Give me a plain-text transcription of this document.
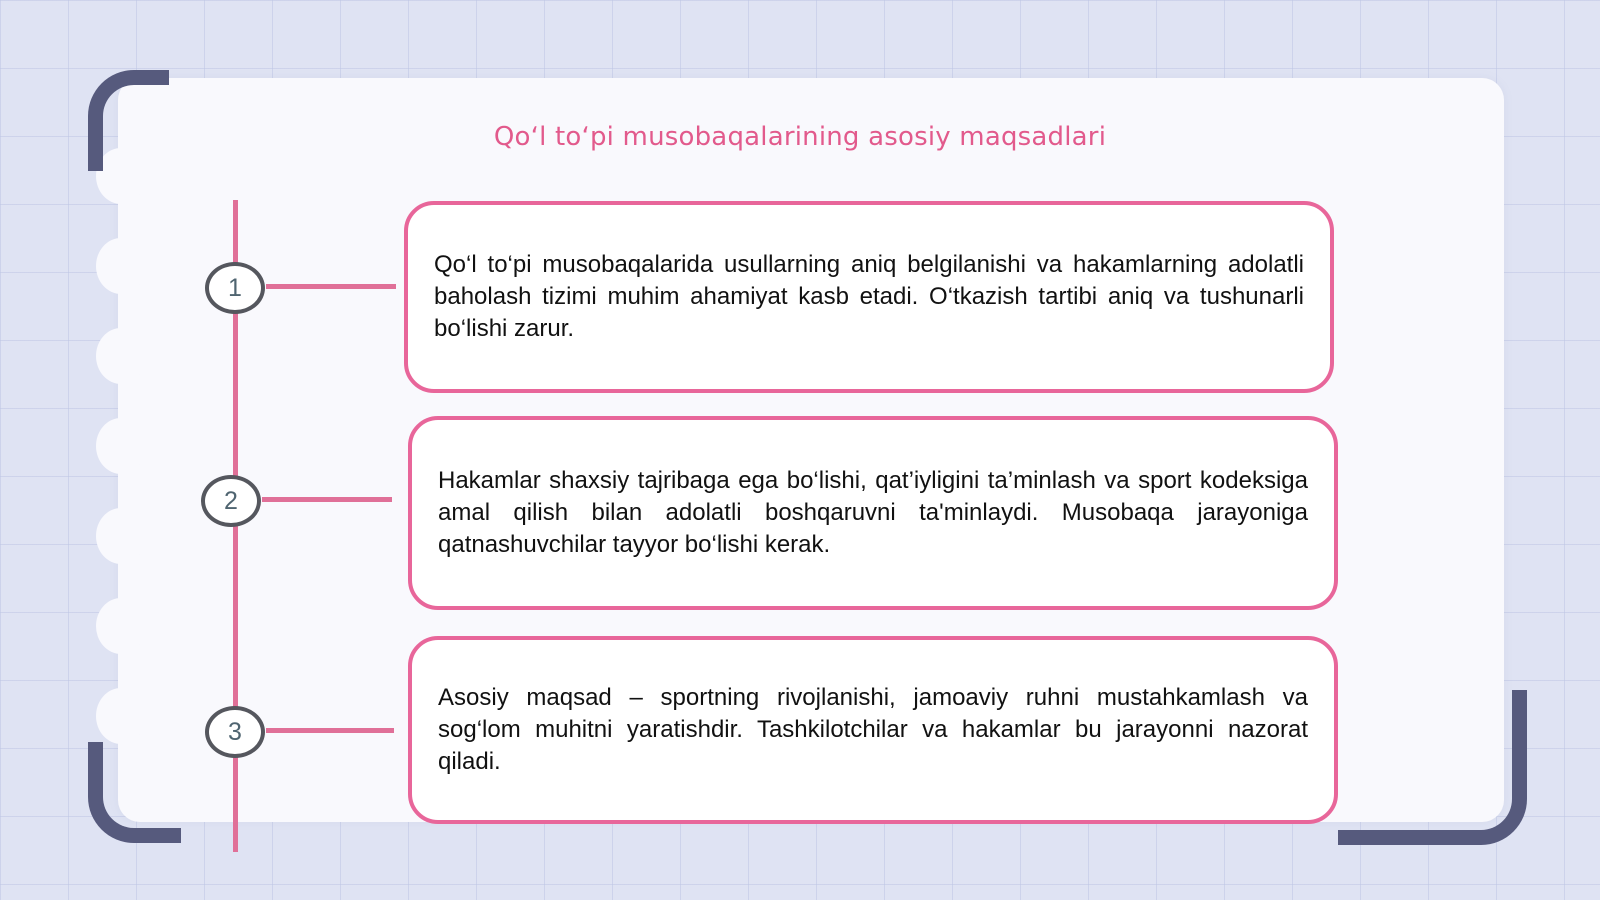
Qoʻl toʻpi musobaqalarining asosiy maqsadlari
1
2
3

Qo‘l to‘pi musobaqalarida usullarning aniq belgilanishi va hakamlarning adolatli baholash tizimi muhim ahamiyat kasb etadi. O‘tkazish tartibi aniq va tushunarli bo‘lishi zarur.

Hakamlar shaxsiy tajribaga ega bo‘lishi, qat’iyligini ta’minlash va sport kodeksiga amal qilish bilan adolatli boshqaruvni ta'minlaydi. Musobaqa jarayoniga qatnashuvchilar tayyor bo‘lishi kerak.

Asosiy maqsad – sportning rivojlanishi, jamoaviy ruhni mustahkamlash va sog‘lom muhitni yaratishdir. Tashkilotchilar va hakamlar bu jarayonni nazorat qiladi.
